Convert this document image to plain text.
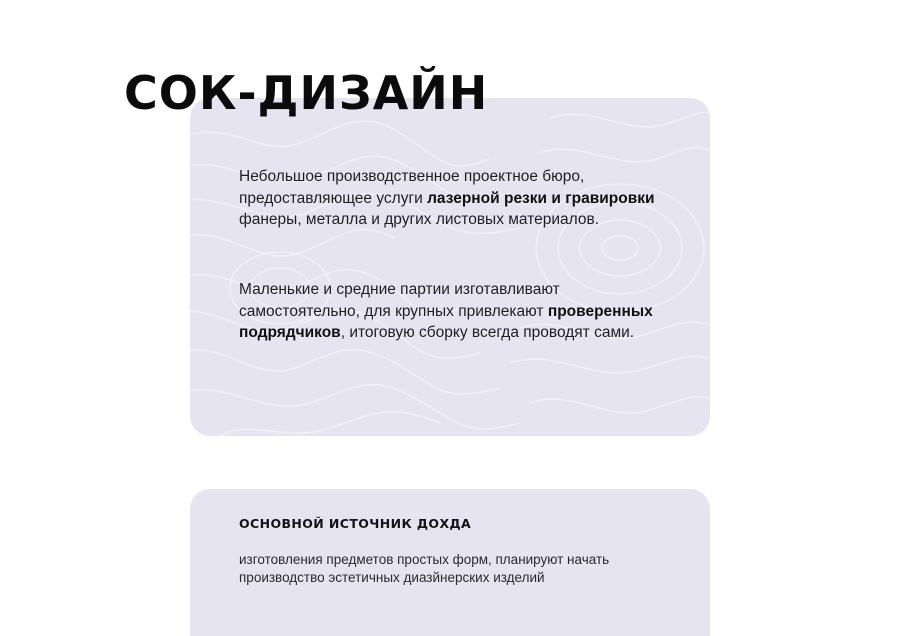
СОК-ДИЗАЙН

Небольшое производственное проектное бюро, предоставляющее услуги лазерной резки и гравировки фанеры, металла и других листовых материалов.

Маленькие и средние партии изготавливают самостоятельно, для крупных привлекают проверенных подрядчиков, итоговую сборку всегда проводят сами.

ОСНОВНОЙ ИСТОЧНИК ДОХДА

изготовления предметов простых форм, планируют начать производство эстетичных диазйнерских изделий
